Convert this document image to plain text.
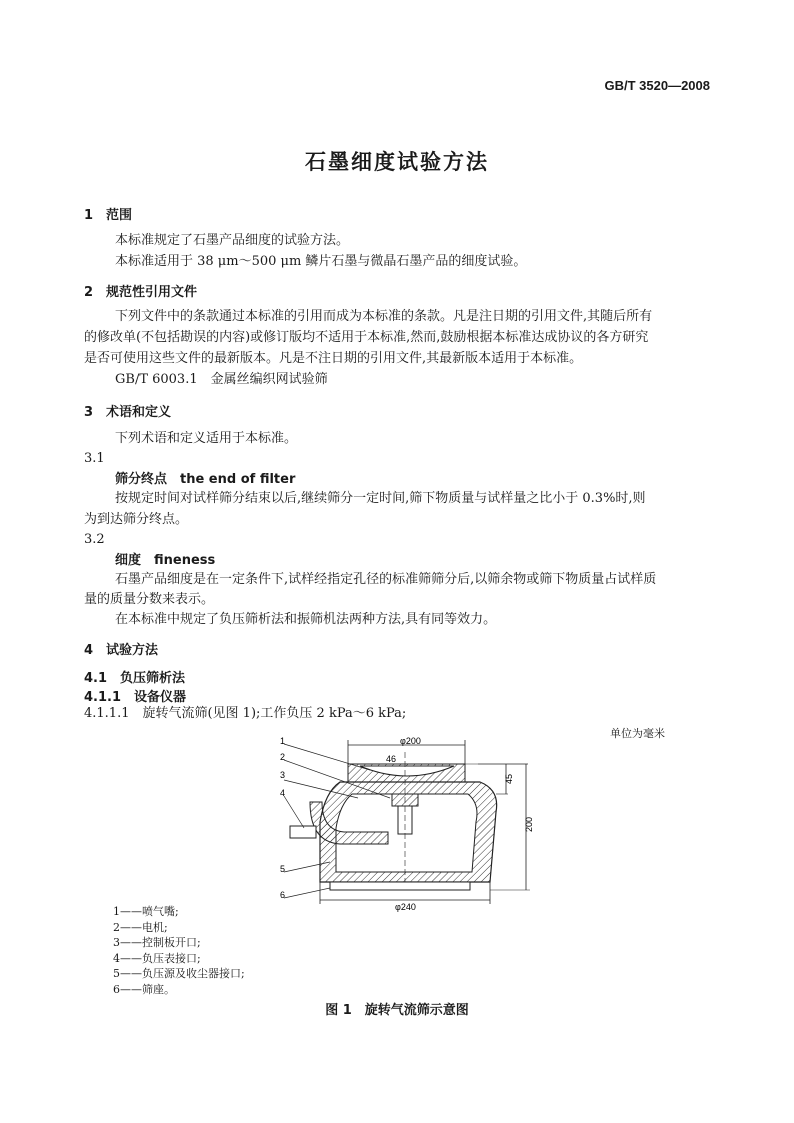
GB/T 3520—2008
石墨细度试验方法
1　范围
本标准规定了石墨产品细度的试验方法。
本标准适用于 38 μm～500 μm 鳞片石墨与微晶石墨产品的细度试验。
2　规范性引用文件
下列文件中的条款通过本标准的引用而成为本标准的条款。凡是注日期的引用文件,其随后所有
的修改单(不包括勘误的内容)或修订版均不适用于本标准,然而,鼓励根据本标准达成协议的各方研究
是否可使用这些文件的最新版本。凡是不注日期的引用文件,其最新版本适用于本标准。
GB/T 6003.1　金属丝编织网试验筛
3　术语和定义
下列术语和定义适用于本标准。
3.1
筛分终点　the end of filter
按规定时间对试样筛分结束以后,继续筛分一定时间,筛下物质量与试样量之比小于 0.3%时,则
为到达筛分终点。
3.2
细度　fineness
石墨产品细度是在一定条件下,试样经指定孔径的标准筛筛分后,以筛余物或筛下物质量占试样质
量的质量分数来表示。
在本标准中规定了负压筛析法和振筛机法两种方法,具有同等效力。
4　试验方法
4.1　负压筛析法
4.1.1　设备仪器
4.1.1.1　旋转气流筛(见图 1);工作负压 2 kPa～6 kPa;
单位为毫米
φ200
46
φ240
45
200
1
2
3
4
5
6
1——喷气嘴;
2——电机;
3——控制板开口;
4——负压表接口;
5——负压源及收尘器接口;
6——筛座。
图 1　旋转气流筛示意图
